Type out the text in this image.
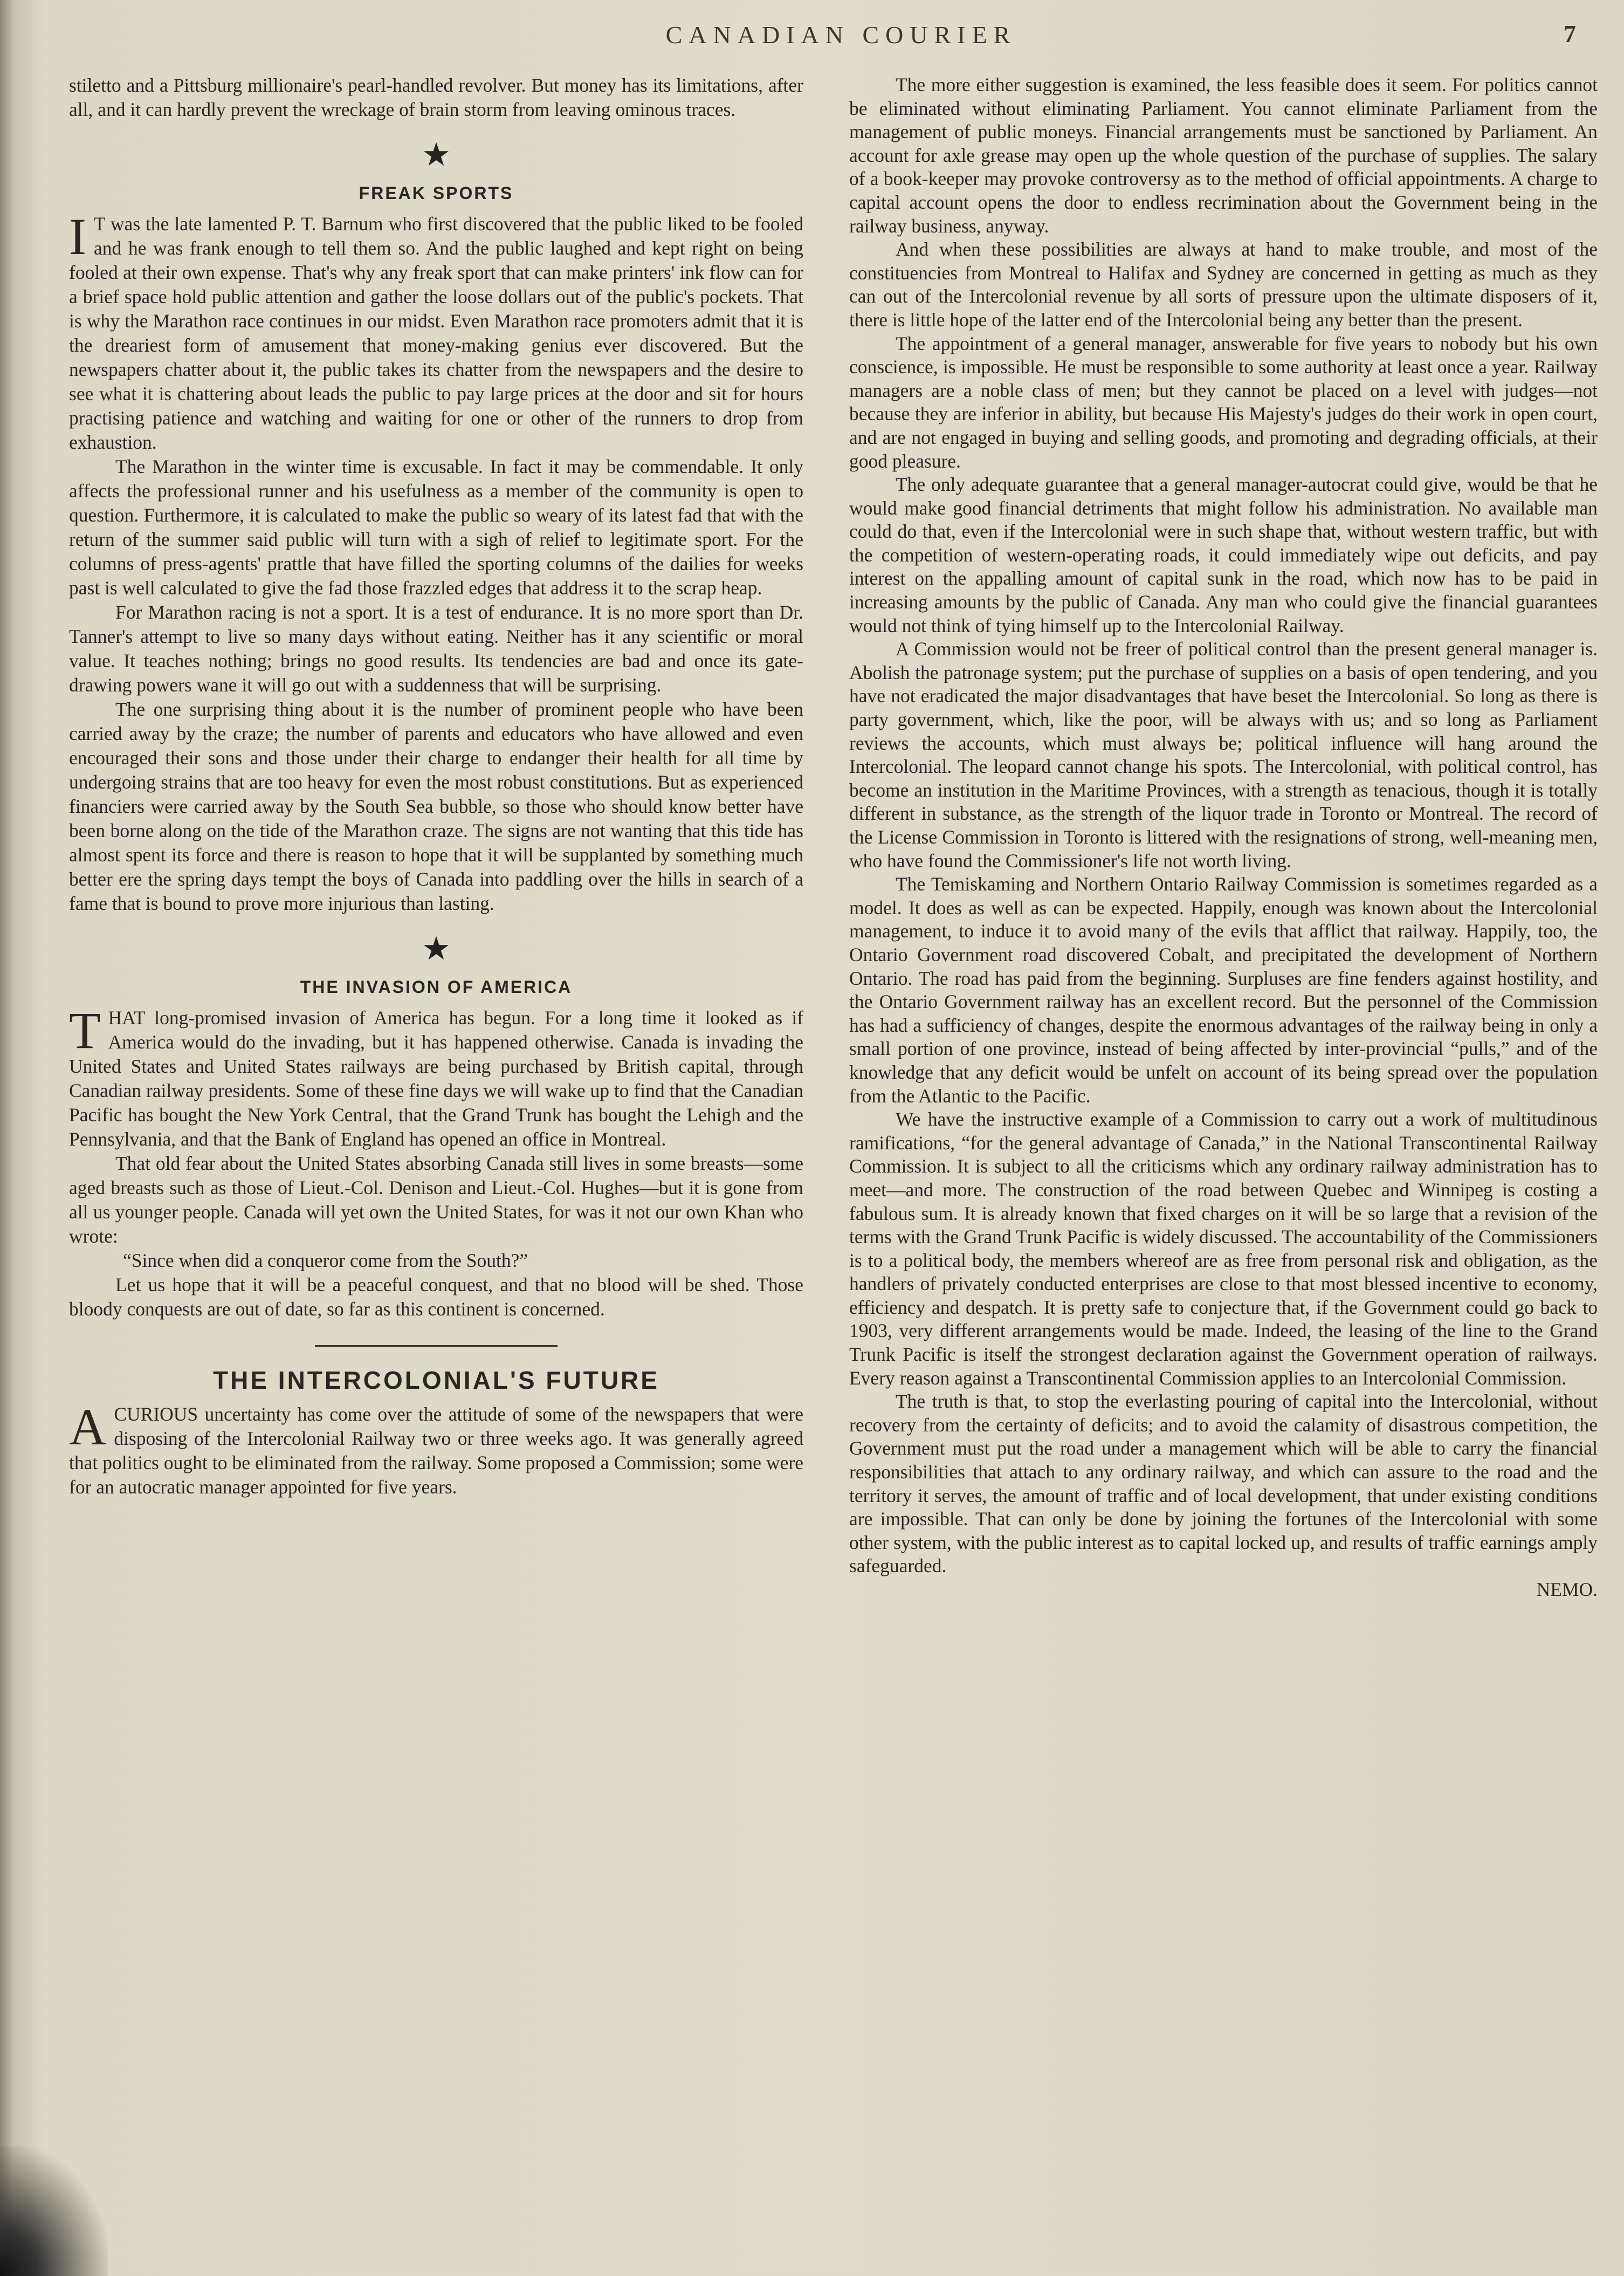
CANADIAN COURIER	7

stiletto and a Pittsburg millionaire's pearl-handled revolver. But money has its limitations, after all, and it can hardly prevent the wreckage of brain storm from leaving ominous traces.

★
FREAK SPORTS

I T was the late lamented P. T. Barnum who first discovered that the public liked to be fooled and he was frank enough to tell them so. And the public laughed and kept right on being fooled at their own expense. That's why any freak sport that can make printers' ink flow can for a brief space hold public attention and gather the loose dollars out of the public's pockets. That is why the Marathon race continues in our midst. Even Marathon race promoters admit that it is the dreariest form of amusement that money-making genius ever discovered. But the newspapers chatter about it, the public takes its chatter from the newspapers and the desire to see what it is chattering about leads the public to pay large prices at the door and sit for hours practising patience and watching and waiting for one or other of the runners to drop from exhaustion.

The Marathon in the winter time is excusable. In fact it may be commendable. It only affects the professional runner and his usefulness as a member of the community is open to question. Furthermore, it is calculated to make the public so weary of its latest fad that with the return of the summer said public will turn with a sigh of relief to legitimate sport. For the columns of press-agents' prattle that have filled the sporting columns of the dailies for weeks past is well calculated to give the fad those frazzled edges that address it to the scrap heap.

For Marathon racing is not a sport. It is a test of endurance. It is no more sport than Dr. Tanner's attempt to live so many days without eating. Neither has it any scientific or moral value. It teaches nothing; brings no good results. Its tendencies are bad and once its gate-drawing powers wane it will go out with a suddenness that will be surprising.

The one surprising thing about it is the number of prominent people who have been carried away by the craze; the number of parents and educators who have allowed and even encouraged their sons and those under their charge to endanger their health for all time by undergoing strains that are too heavy for even the most robust constitutions. But as experienced financiers were carried away by the South Sea bubble, so those who should know better have been borne along on the tide of the Marathon craze. The signs are not wanting that this tide has almost spent its force and there is reason to hope that it will be supplanted by something much better ere the spring days tempt the boys of Canada into paddling over the hills in search of a fame that is bound to prove more injurious than lasting.

★
THE INVASION OF AMERICA

THAT long-promised invasion of America has begun. For a long time it looked as if America would do the invading, but it has happened otherwise. Canada is invading the United States and United States railways are being purchased by British capital, through Canadian railway presidents. Some of these fine days we will wake up to find that the Canadian Pacific has bought the New York Central, that the Grand Trunk has bought the Lehigh and the Pennsylvania, and that the Bank of England has opened an office in Montreal.

That old fear about the United States absorbing Canada still lives in some breasts—some aged breasts such as those of Lieut.-Col. Denison and Lieut.-Col. Hughes—but it is gone from all us younger people. Canada will yet own the United States, for was it not our own Khan who wrote:

“Since when did a conqueror come from the South?”

Let us hope that it will be a peaceful conquest, and that no blood will be shed. Those bloody conquests are out of date, so far as this continent is concerned.

THE INTERCOLONIAL'S FUTURE

ACURIOUS uncertainty has come over the attitude of some of the newspapers that were disposing of the Intercolonial Railway two or three weeks ago. It was generally agreed that politics ought to be eliminated from the railway. Some proposed a Commission; some were for an autocratic manager appointed for five years.

The more either suggestion is examined, the less feasible does it seem. For politics cannot be eliminated without eliminating Parliament. You cannot eliminate Parliament from the management of public moneys. Financial arrangements must be sanctioned by Parliament. An account for axle grease may open up the whole question of the purchase of supplies. The salary of a book-keeper may provoke controversy as to the method of official appointments. A charge to capital account opens the door to endless recrimination about the Government being in the railway business, anyway.

And when these possibilities are always at hand to make trouble, and most of the constituencies from Montreal to Halifax and Sydney are concerned in getting as much as they can out of the Intercolonial revenue by all sorts of pressure upon the ultimate disposers of it, there is little hope of the latter end of the Intercolonial being any better than the present.

The appointment of a general manager, answerable for five years to nobody but his own conscience, is impossible. He must be responsible to some authority at least once a year. Railway managers are a noble class of men; but they cannot be placed on a level with judges—not because they are inferior in ability, but because His Majesty's judges do their work in open court, and are not engaged in buying and selling goods, and promoting and degrading officials, at their good pleasure.

The only adequate guarantee that a general manager-autocrat could give, would be that he would make good financial detriments that might follow his administration. No available man could do that, even if the Intercolonial were in such shape that, without western traffic, but with the competition of western-operating roads, it could immediately wipe out deficits, and pay interest on the appalling amount of capital sunk in the road, which now has to be paid in increasing amounts by the public of Canada. Any man who could give the financial guarantees would not think of tying himself up to the Intercolonial Railway.

A Commission would not be freer of political control than the present general manager is. Abolish the patronage system; put the purchase of supplies on a basis of open tendering, and you have not eradicated the major disadvantages that have beset the Intercolonial. So long as there is party government, which, like the poor, will be always with us; and so long as Parliament reviews the accounts, which must always be; political influence will hang around the Intercolonial. The leopard cannot change his spots. The Intercolonial, with political control, has become an institution in the Maritime Provinces, with a strength as tenacious, though it is totally different in substance, as the strength of the liquor trade in Toronto or Montreal. The record of the License Commission in Toronto is littered with the resignations of strong, well-meaning men, who have found the Commissioner's life not worth living.

The Temiskaming and Northern Ontario Railway Commission is sometimes regarded as a model. It does as well as can be expected. Happily, enough was known about the Intercolonial management, to induce it to avoid many of the evils that afflict that railway. Happily, too, the Ontario Government road discovered Cobalt, and precipitated the development of Northern Ontario. The road has paid from the beginning. Surpluses are fine fenders against hostility, and the Ontario Government railway has an excellent record. But the personnel of the Commission has had a sufficiency of changes, despite the enormous advantages of the railway being in only a small portion of one province, instead of being affected by inter-provincial “pulls,” and of the knowledge that any deficit would be unfelt on account of its being spread over the population from the Atlantic to the Pacific.

We have the instructive example of a Commission to carry out a work of multitudinous ramifications, “for the general advantage of Canada,” in the National Transcontinental Railway Commission. It is subject to all the criticisms which any ordinary railway administration has to meet—and more. The construction of the road between Quebec and Winnipeg is costing a fabulous sum. It is already known that fixed charges on it will be so large that a revision of the terms with the Grand Trunk Pacific is widely discussed. The accountability of the Commissioners is to a political body, the members whereof are as free from personal risk and obligation, as the handlers of privately conducted enterprises are close to that most blessed incentive to economy, efficiency and despatch. It is pretty safe to conjecture that, if the Government could go back to 1903, very different arrangements would be made. Indeed, the leasing of the line to the Grand Trunk Pacific is itself the strongest declaration against the Government operation of railways. Every reason against a Transcontinental Commission applies to an Intercolonial Commission.

The truth is that, to stop the everlasting pouring of capital into the Intercolonial, without recovery from the certainty of deficits; and to avoid the calamity of disastrous competition, the Government must put the road under a management which will be able to carry the financial responsibilities that attach to any ordinary railway, and which can assure to the road and the territory it serves, the amount of traffic and of local development, that under existing conditions are impossible. That can only be done by joining the fortunes of the Intercolonial with some other system, with the public interest as to capital locked up, and results of traffic earnings amply safeguarded.

NEMO.
